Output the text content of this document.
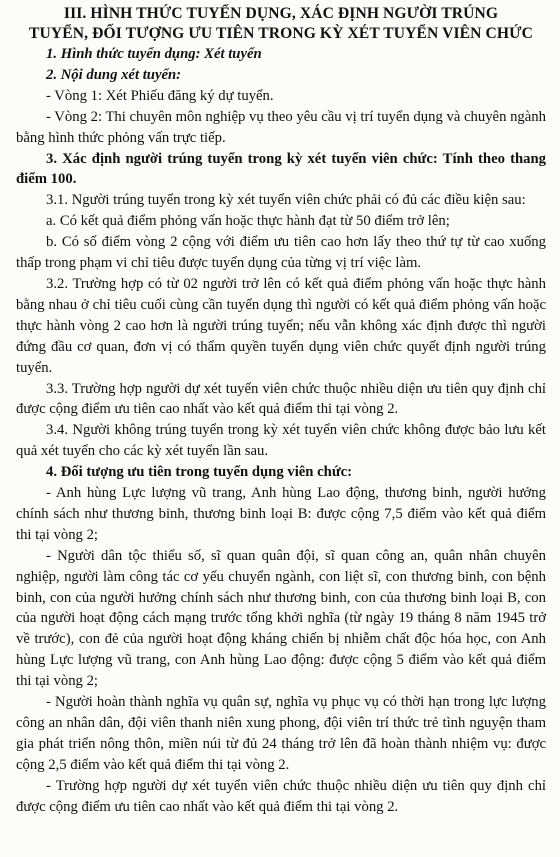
III. HÌNH THỨC TUYỂN DỤNG, XÁC ĐỊNH NGƯỜI TRÚNG
TUYỂN, ĐỐI TƯỢNG ƯU TIÊN TRONG KỲ XÉT TUYỂN VIÊN CHỨC

1. Hình thức tuyển dụng: Xét tuyển

2. Nội dung xét tuyển:

- Vòng 1: Xét Phiếu đăng ký dự tuyển.

- Vòng 2: Thi chuyên môn nghiệp vụ theo yêu cầu vị trí tuyển dụng và chuyên ngành bằng hình thức phỏng vấn trực tiếp.

3. Xác định người trúng tuyển trong kỳ xét tuyển viên chức: Tính theo thang điểm 100.

3.1. Người trúng tuyển trong kỳ xét tuyển viên chức phải có đủ các điều kiện sau:

a. Có kết quả điểm phỏng vấn hoặc thực hành đạt từ 50 điểm trở lên;

b. Có số điểm vòng 2 cộng với điểm ưu tiên cao hơn lấy theo thứ tự từ cao xuống thấp trong phạm vi chỉ tiêu được tuyển dụng của từng vị trí việc làm.

3.2. Trường hợp có từ 02 người trở lên có kết quả điểm phỏng vấn hoặc thực hành bằng nhau ở chỉ tiêu cuối cùng cần tuyển dụng thì người có kết quả điểm phỏng vấn hoặc thực hành vòng 2 cao hơn là người trúng tuyển; nếu vẫn không xác định được thì người đứng đầu cơ quan, đơn vị có thẩm quyền tuyển dụng viên chức quyết định người trúng tuyển.

3.3. Trường hợp người dự xét tuyển viên chức thuộc nhiều diện ưu tiên quy định chỉ được cộng điểm ưu tiên cao nhất vào kết quả điểm thi tại vòng 2.

3.4. Người không trúng tuyển trong kỳ xét tuyển viên chức không được bảo lưu kết quả xét tuyển cho các kỳ xét tuyển lần sau.

4. Đối tượng ưu tiên trong tuyển dụng viên chức:

- Anh hùng Lực lượng vũ trang, Anh hùng Lao động, thương binh, người hưởng chính sách như thương binh, thương binh loại B: được cộng 7,5 điểm vào kết quả điểm thi tại vòng 2;

- Người dân tộc thiểu số, sĩ quan quân đội, sĩ quan công an, quân nhân chuyên nghiệp, người làm công tác cơ yếu chuyển ngành, con liệt sĩ, con thương binh, con bệnh binh, con của người hưởng chính sách như thương binh, con của thương binh loại B, con của người hoạt động cách mạng trước tổng khởi nghĩa (từ ngày 19 tháng 8 năm 1945 trở về trước), con đẻ của người hoạt động kháng chiến bị nhiễm chất độc hóa học, con Anh hùng Lực lượng vũ trang, con Anh hùng Lao động: được cộng 5 điểm vào kết quả điểm thi tại vòng 2;

- Người hoàn thành nghĩa vụ quân sự, nghĩa vụ phục vụ có thời hạn trong lực lượng công an nhân dân, đội viên thanh niên xung phong, đội viên trí thức trẻ tình nguyện tham gia phát triển nông thôn, miền núi từ đủ 24 tháng trở lên đã hoàn thành nhiệm vụ: được cộng 2,5 điểm vào kết quả điểm thi tại vòng 2.

- Trường hợp người dự xét tuyển viên chức thuộc nhiều diện ưu tiên quy định chỉ được cộng điểm ưu tiên cao nhất vào kết quả điểm thi tại vòng 2.
